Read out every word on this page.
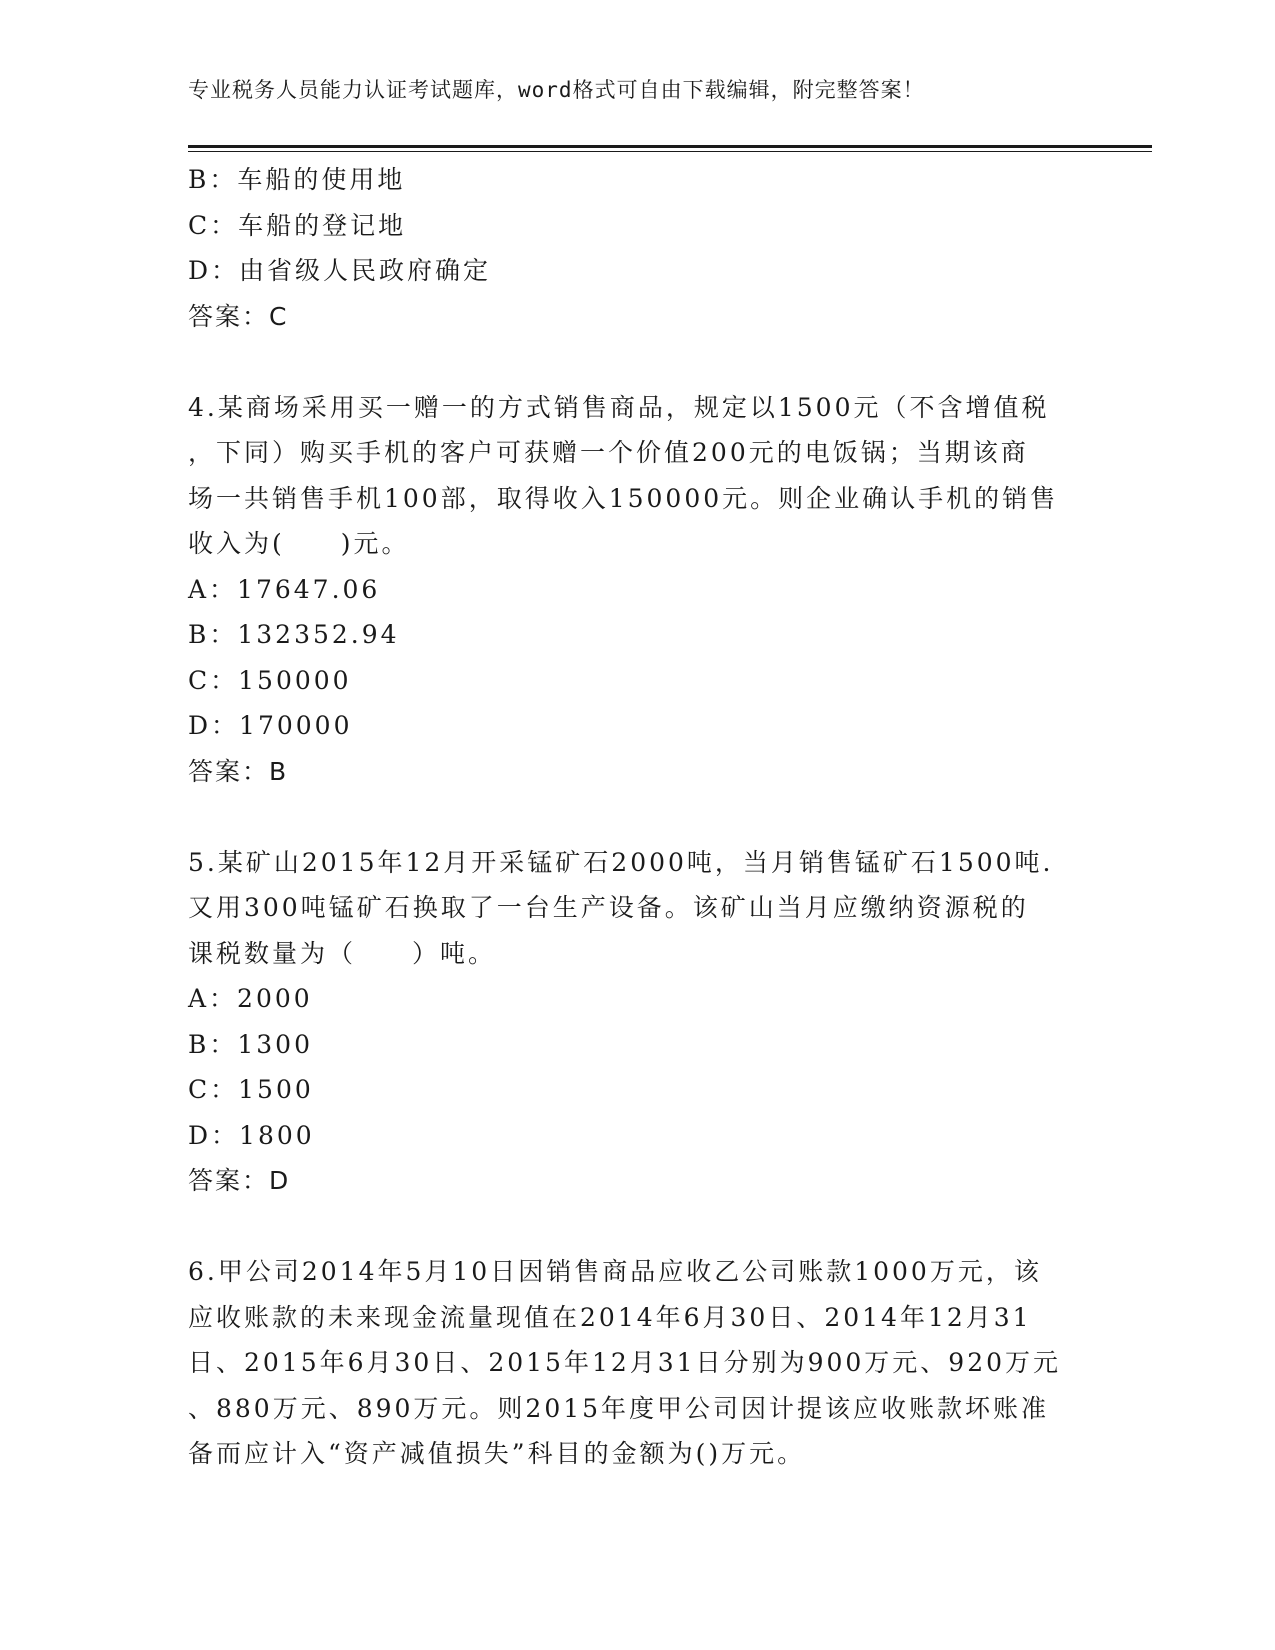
专业税务人员能力认证考试题库，word格式可自由下载编辑，附完整答案！
B：车船的使用地
C：车船的登记地
D：由省级人民政府确定
答案：C
4.某商场采用买一赠一的方式销售商品，规定以1500元（不含增值税
，下同）购买手机的客户可获赠一个价值200元的电饭锅；当期该商
场一共销售手机100部，取得收入150000元。则企业确认手机的销售
收入为(　　)元。
A：17647.06
B：132352.94
C：150000
D：170000
答案：B
5.某矿山2015年12月开采锰矿石2000吨，当月销售锰矿石1500吨.
又用300吨锰矿石换取了一台生产设备。该矿山当月应缴纳资源税的
课税数量为（　　）吨。
A：2000
B：1300
C：1500
D：1800
答案：D
6.甲公司2014年5月10日因销售商品应收乙公司账款1000万元，该
应收账款的未来现金流量现值在2014年6月30日、2014年12月31
日、2015年6月30日、2015年12月31日分别为900万元、920万元
、880万元、890万元。则2015年度甲公司因计提该应收账款坏账准
备而应计入“资产减值损失”科目的金额为()万元。
